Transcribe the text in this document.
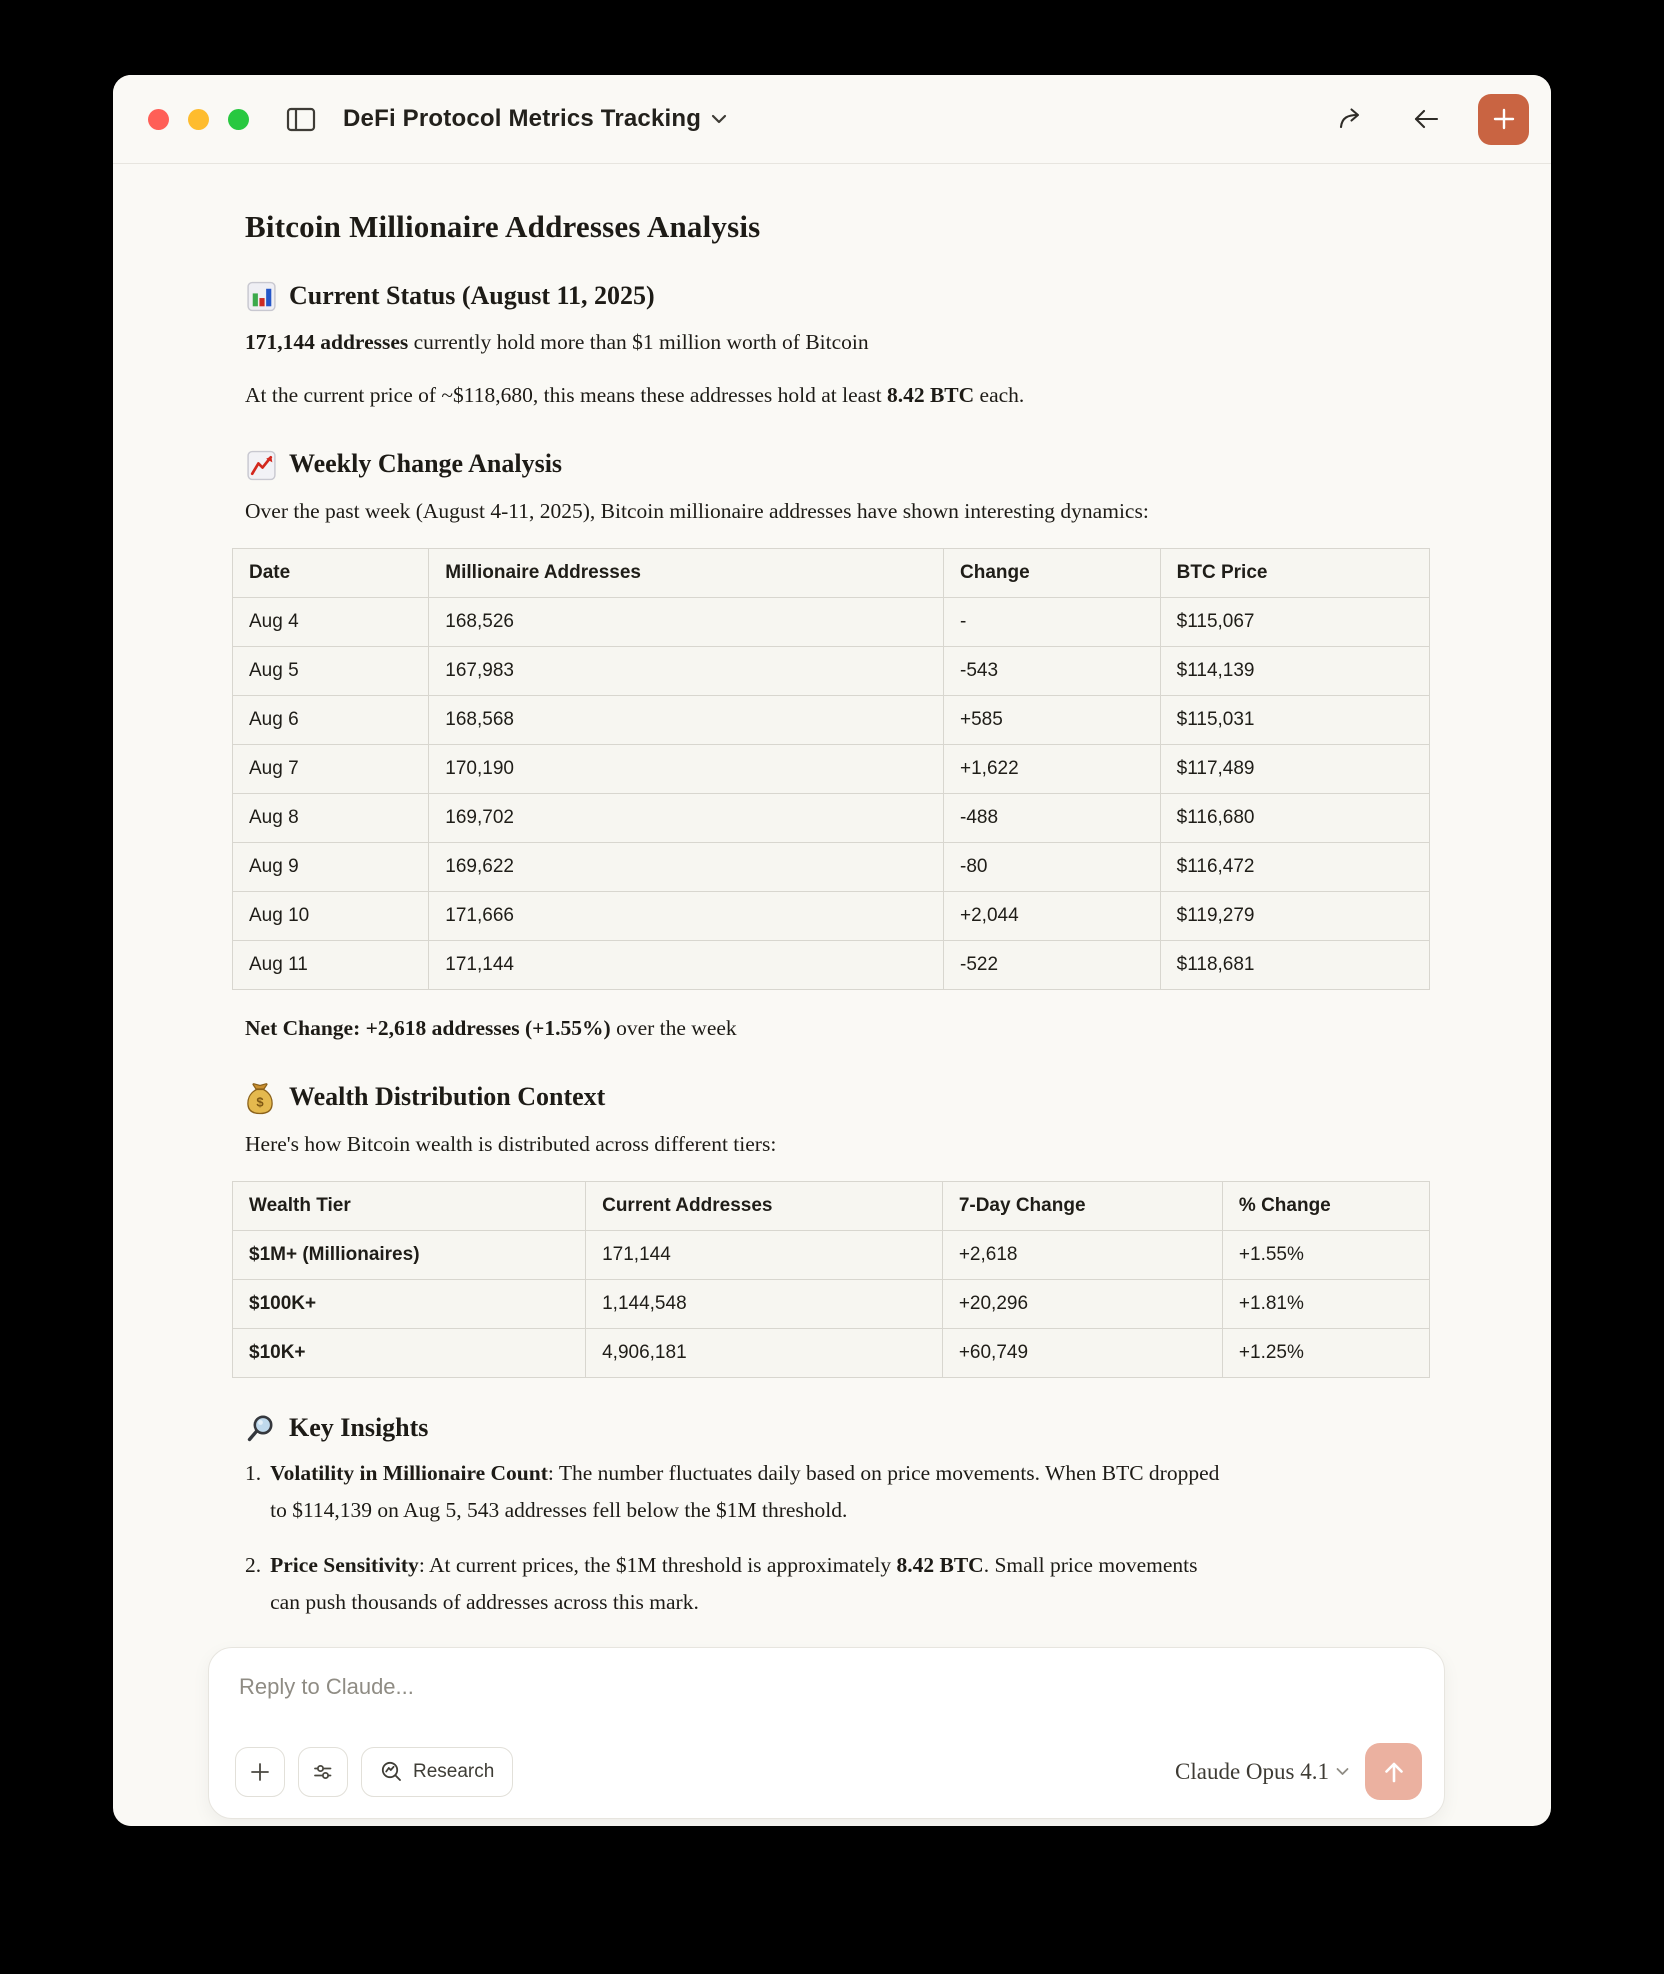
DeFi Protocol Metrics Tracking
Bitcoin Millionaire Addresses Analysis
Current Status (August 11, 2025)

171,144 addresses currently hold more than $1 million worth of Bitcoin

At the current price of ~$118,680, this means these addresses hold at least 8.42 BTC each.

Weekly Change Analysis

Over the past week (August 4-11, 2025), Bitcoin millionaire addresses have shown interesting dynamics:

Date	Millionaire Addresses	Change	BTC Price
Aug 4	168,526	-	$115,067
Aug 5	167,983	-543	$114,139
Aug 6	168,568	+585	$115,031
Aug 7	170,190	+1,622	$117,489
Aug 8	169,702	-488	$116,680
Aug 9	169,622	-80	$116,472
Aug 10	171,666	+2,044	$119,279
Aug 11	171,144	-522	$118,681

Net Change: +2,618 addresses (+1.55%) over the week

$ Wealth Distribution Context

Here's how Bitcoin wealth is distributed across different tiers:

Wealth Tier	Current Addresses	7-Day Change	% Change
$1M+ (Millionaires)	171,144	+2,618	+1.55%
$100K+	1,144,548	+20,296	+1.81%
$10K+	4,906,181	+60,749	+1.25%
Key Insights
1. Volatility in Millionaire Count: The number fluctuates daily based on price movements. When BTC dropped to $114,139 on Aug 5, 543 addresses fell below the $1M threshold.
2. Price Sensitivity: At current prices, the $1M threshold is approximately 8.42 BTC. Small price movements can push thousands of addresses across this mark.
Reply to Claude...
Research	Claude Opus 4.1
